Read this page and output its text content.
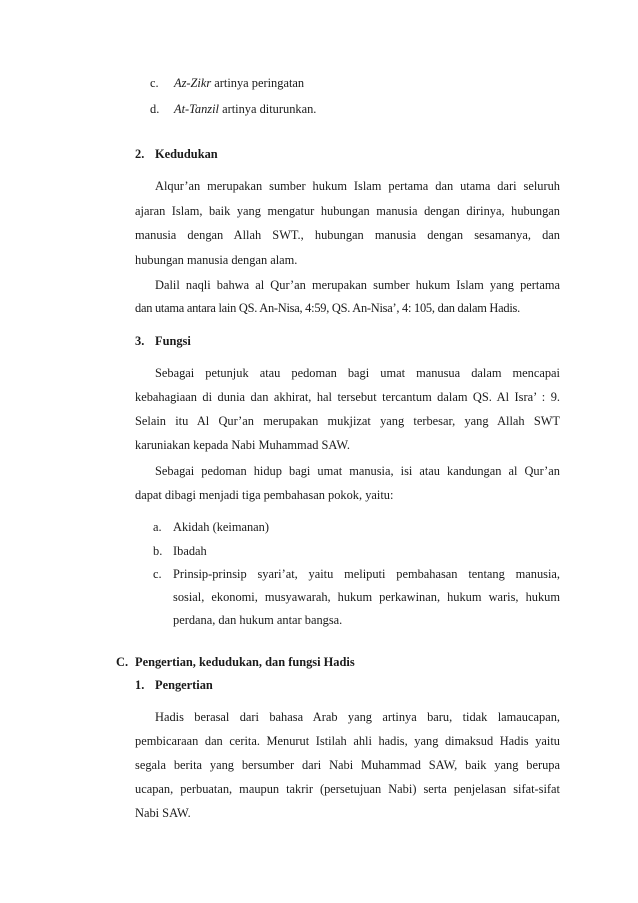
c. Az-Zikr artinya peringatan
d. At-Tanzil artinya diturunkan.
2. Kedudukan
Alqur’an merupakan sumber hukum Islam pertama dan utama dari seluruh
ajaran Islam, baik yang mengatur hubungan manusia dengan dirinya, hubungan
manusia dengan Allah SWT., hubungan manusia dengan sesamanya, dan
hubungan manusia dengan alam.
Dalil naqli bahwa al Qur’an merupakan sumber hukum Islam yang pertama
dan utama antara lain QS. An-Nisa, 4:59, QS. An-Nisa’, 4: 105, dan dalam Hadis.
3. Fungsi
Sebagai petunjuk atau pedoman bagi umat manusua dalam mencapai
kebahagiaan di dunia dan akhirat, hal tersebut tercantum dalam QS. Al Isra’ : 9.
Selain itu Al Qur’an merupakan mukjizat yang terbesar, yang Allah SWT
karuniakan kepada Nabi Muhammad SAW.
Sebagai pedoman hidup bagi umat manusia, isi atau kandungan al Qur’an
dapat dibagi menjadi tiga pembahasan pokok, yaitu:
a. Akidah (keimanan)
b. Ibadah
c. Prinsip-prinsip syari’at, yaitu meliputi pembahasan tentang manusia,
sosial, ekonomi, musyawarah, hukum perkawinan, hukum waris, hukum
perdana, dan hukum antar bangsa.
C. Pengertian, kedudukan, dan fungsi Hadis
1. Pengertian
Hadis berasal dari bahasa Arab yang artinya baru, tidak lamaucapan,
pembicaraan dan cerita. Menurut Istilah ahli hadis, yang dimaksud Hadis yaitu
segala berita yang bersumber dari Nabi Muhammad SAW, baik yang berupa
ucapan, perbuatan, maupun takrir (persetujuan Nabi) serta penjelasan sifat-sifat
Nabi SAW.
